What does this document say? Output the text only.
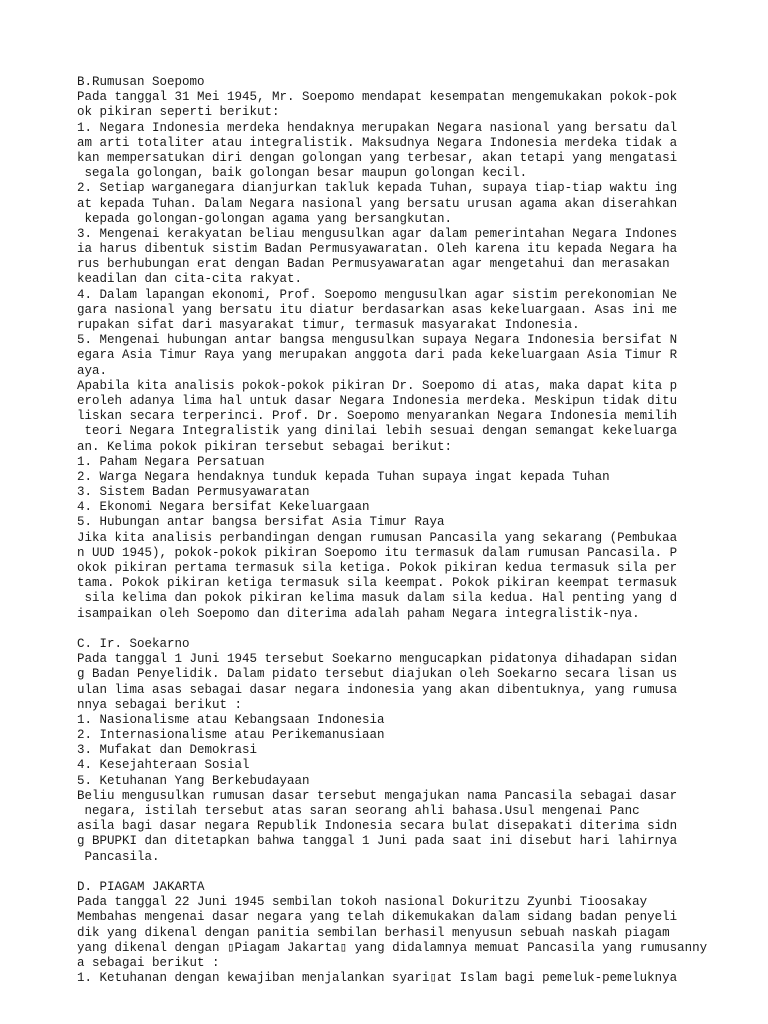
B.Rumusan Soepomo
Pada tanggal 31 Mei 1945, Mr. Soepomo mendapat kesempatan mengemukakan pokok-pok
ok pikiran seperti berikut:
1. Negara Indonesia merdeka hendaknya merupakan Negara nasional yang bersatu dal
am arti totaliter atau integralistik. Maksudnya Negara Indonesia merdeka tidak a
kan mempersatukan diri dengan golongan yang terbesar, akan tetapi yang mengatasi
segala golongan, baik golongan besar maupun golongan kecil.
2. Setiap warganegara dianjurkan takluk kepada Tuhan, supaya tiap-tiap waktu ing
at kepada Tuhan. Dalam Negara nasional yang bersatu urusan agama akan diserahkan
kepada golongan-golongan agama yang bersangkutan.
3. Mengenai kerakyatan beliau mengusulkan agar dalam pemerintahan Negara Indones
ia harus dibentuk sistim Badan Permusyawaratan. Oleh karena itu kepada Negara ha
rus berhubungan erat dengan Badan Permusyawaratan agar mengetahui dan merasakan
keadilan dan cita-cita rakyat.
4. Dalam lapangan ekonomi, Prof. Soepomo mengusulkan agar sistim perekonomian Ne
gara nasional yang bersatu itu diatur berdasarkan asas kekeluargaan. Asas ini me
rupakan sifat dari masyarakat timur, termasuk masyarakat Indonesia.
5. Mengenai hubungan antar bangsa mengusulkan supaya Negara Indonesia bersifat N
egara Asia Timur Raya yang merupakan anggota dari pada kekeluargaan Asia Timur R
aya.
Apabila kita analisis pokok-pokok pikiran Dr. Soepomo di atas, maka dapat kita p
eroleh adanya lima hal untuk dasar Negara Indonesia merdeka. Meskipun tidak ditu
liskan secara terperinci. Prof. Dr. Soepomo menyarankan Negara Indonesia memilih
teori Negara Integralistik yang dinilai lebih sesuai dengan semangat kekeluarga
an. Kelima pokok pikiran tersebut sebagai berikut:
1. Paham Negara Persatuan
2. Warga Negara hendaknya tunduk kepada Tuhan supaya ingat kepada Tuhan
3. Sistem Badan Permusyawaratan
4. Ekonomi Negara bersifat Kekeluargaan
5. Hubungan antar bangsa bersifat Asia Timur Raya
Jika kita analisis perbandingan dengan rumusan Pancasila yang sekarang (Pembukaa
n UUD 1945), pokok-pokok pikiran Soepomo itu termasuk dalam rumusan Pancasila. P
okok pikiran pertama termasuk sila ketiga. Pokok pikiran kedua termasuk sila per
tama. Pokok pikiran ketiga termasuk sila keempat. Pokok pikiran keempat termasuk
sila kelima dan pokok pikiran kelima masuk dalam sila kedua. Hal penting yang d
isampaikan oleh Soepomo dan diterima adalah paham Negara integralistik-nya.
C. Ir. Soekarno
Pada tanggal 1 Juni 1945 tersebut Soekarno mengucapkan pidatonya dihadapan sidan
g Badan Penyelidik. Dalam pidato tersebut diajukan oleh Soekarno secara lisan us
ulan lima asas sebagai dasar negara indonesia yang akan dibentuknya, yang rumusa
nnya sebagai berikut :
1. Nasionalisme atau Kebangsaan Indonesia
2. Internasionalisme atau Perikemanusiaan
3. Mufakat dan Demokrasi
4. Kesejahteraan Sosial
5. Ketuhanan Yang Berkebudayaan
Beliu mengusulkan rumusan dasar tersebut mengajukan nama Pancasila sebagai dasar
negara, istilah tersebut atas saran seorang ahli bahasa.Usul mengenai Panc
asila bagi dasar negara Republik Indonesia secara bulat disepakati diterima sidn
g BPUPKI dan ditetapkan bahwa tanggal 1 Juni pada saat ini disebut hari lahirnya
Pancasila.
D. PIAGAM JAKARTA
Pada tanggal 22 Juni 1945 sembilan tokoh nasional Dokuritzu Zyunbi Tioosakay
Membahas mengenai dasar negara yang telah dikemukakan dalam sidang badan penyeli
dik yang dikenal dengan panitia sembilan berhasil menyusun sebuah naskah piagam
yang dikenal dengan ▯Piagam Jakarta▯ yang didalamnya memuat Pancasila yang rumusanny
a sebagai berikut :
1. Ketuhanan dengan kewajiban menjalankan syari▯at Islam bagi pemeluk-pemeluknya
